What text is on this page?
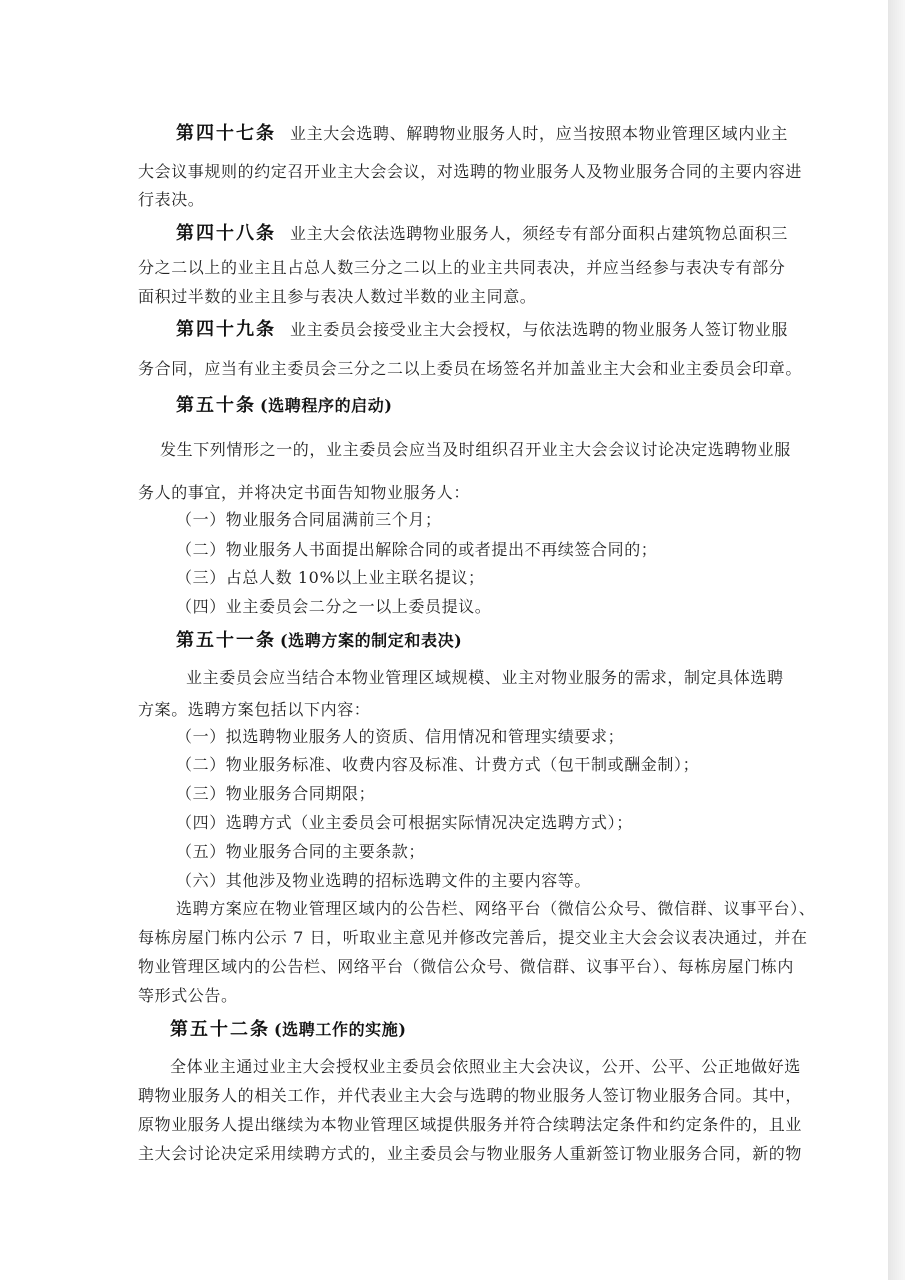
第四十七条 业主大会选聘、解聘物业服务人时，应当按照本物业管理区域内业主
大会议事规则的约定召开业主大会会议，对选聘的物业服务人及物业服务合同的主要内容进
行表决。
第四十八条 业主大会依法选聘物业服务人，须经专有部分面积占建筑物总面积三
分之二以上的业主且占总人数三分之二以上的业主共同表决，并应当经参与表决专有部分
面积过半数的业主且参与表决人数过半数的业主同意。
第四十九条 业主委员会接受业主大会授权，与依法选聘的物业服务人签订物业服
务合同，应当有业主委员会三分之二以上委员在场签名并加盖业主大会和业主委员会印章。
第五十条 (选聘程序的启动)
发生下列情形之一的，业主委员会应当及时组织召开业主大会会议讨论决定选聘物业服
务人的事宜，并将决定书面告知物业服务人：
（一）物业服务合同届满前三个月；
（二）物业服务人书面提出解除合同的或者提出不再续签合同的；
（三）占总人数 10%以上业主联名提议；
（四）业主委员会二分之一以上委员提议。
第五十一条 (选聘方案的制定和表决)
业主委员会应当结合本物业管理区域规模、业主对物业服务的需求，制定具体选聘
方案。选聘方案包括以下内容：
（一）拟选聘物业服务人的资质、信用情况和管理实绩要求；
（二）物业服务标准、收费内容及标准、计费方式（包干制或酬金制）；
（三）物业服务合同期限；
（四）选聘方式（业主委员会可根据实际情况决定选聘方式）；
（五）物业服务合同的主要条款；
（六）其他涉及物业选聘的招标选聘文件的主要内容等。
选聘方案应在物业管理区域内的公告栏、网络平台（微信公众号、微信群、议事平台）、
每栋房屋门栋内公示 7 日，听取业主意见并修改完善后，提交业主大会会议表决通过，并在
物业管理区域内的公告栏、网络平台（微信公众号、微信群、议事平台）、每栋房屋门栋内
等形式公告。
第五十二条 (选聘工作的实施)
全体业主通过业主大会授权业主委员会依照业主大会决议，公开、公平、公正地做好选
聘物业服务人的相关工作，并代表业主大会与选聘的物业服务人签订物业服务合同。其中，
原物业服务人提出继续为本物业管理区域提供服务并符合续聘法定条件和约定条件的，且业
主大会讨论决定采用续聘方式的，业主委员会与物业服务人重新签订物业服务合同，新的物
